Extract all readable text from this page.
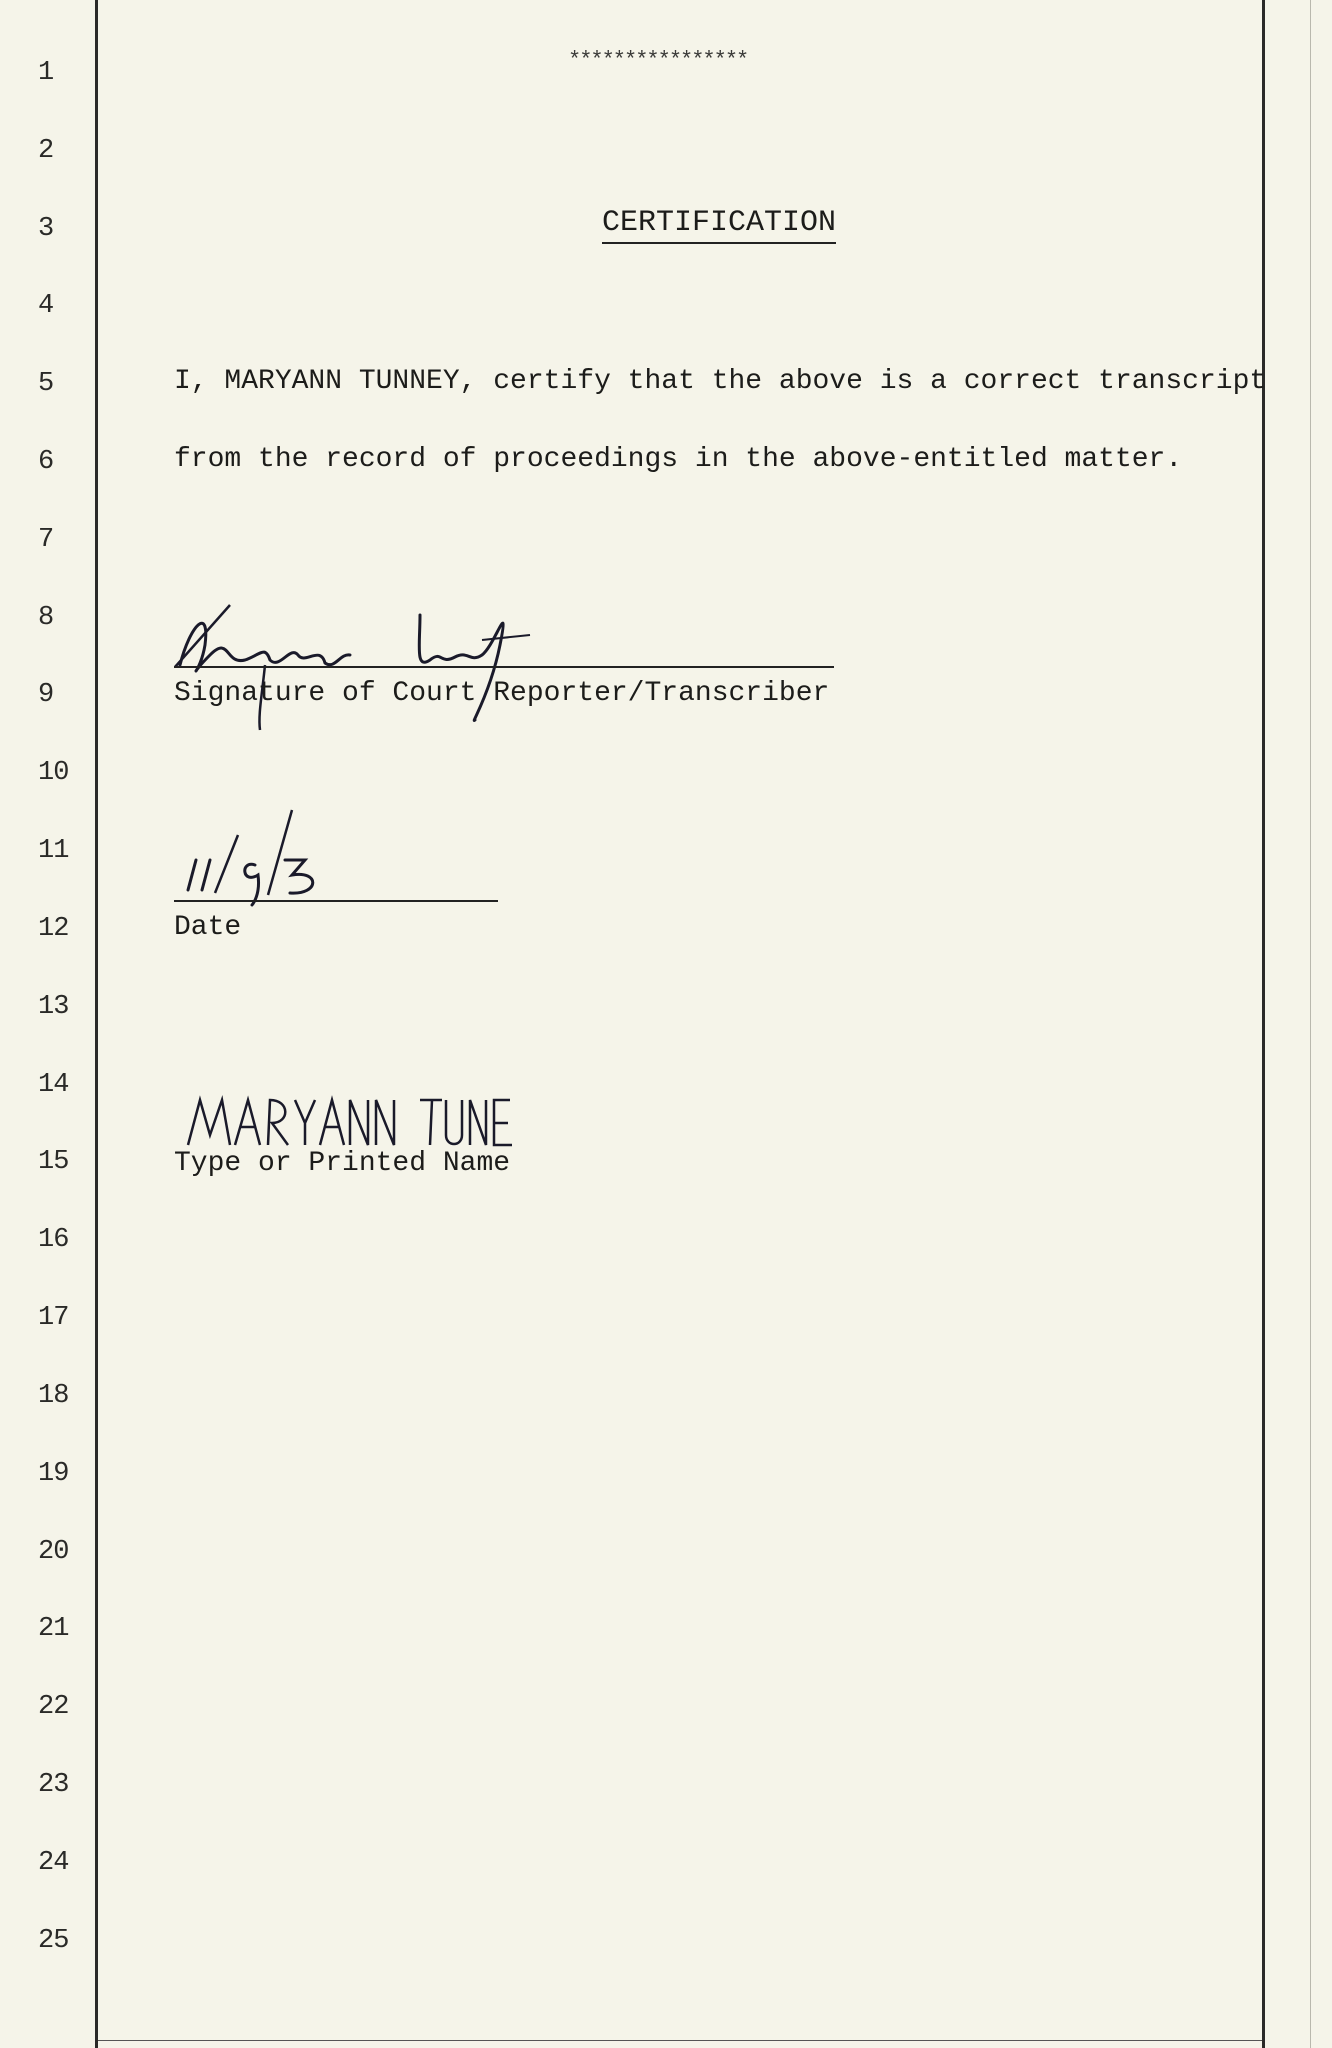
1
2
3
4
5
6
7
8
9
10
11
12
13
14
15
16
17
18
19
20
21
22
23
24
25
****************
CERTIFICATION
I, MARYANN TUNNEY, certify that the above is a correct transcript
from the record of proceedings in the above-entitled matter.
Signature of Court Reporter/Transcriber
Date
Type or Printed Name
